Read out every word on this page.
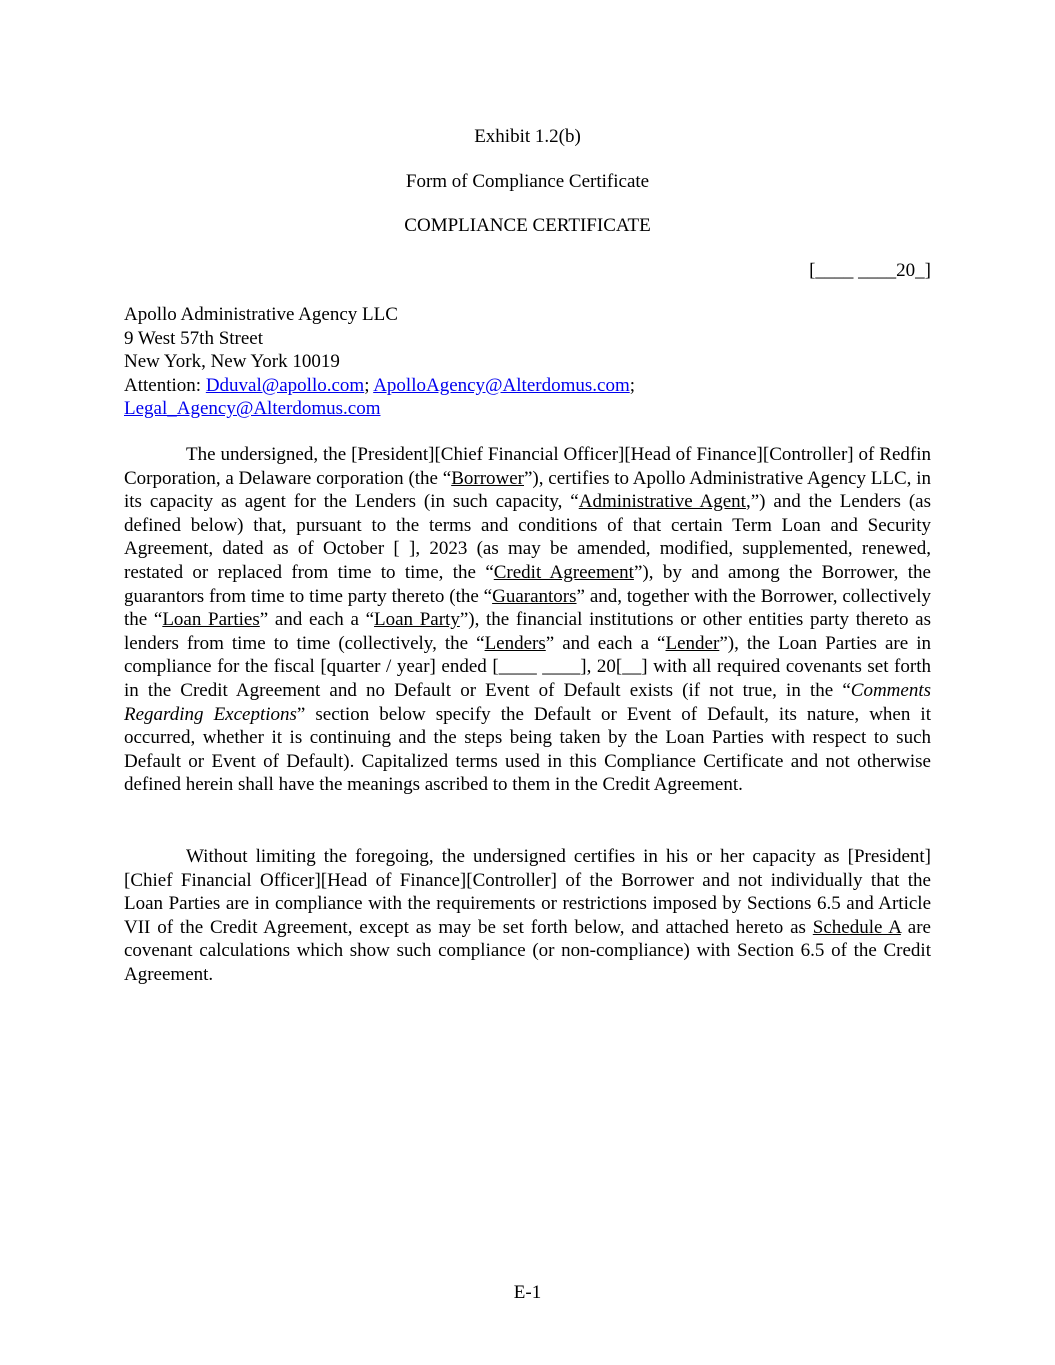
Exhibit 1.2(b)
Form of Compliance Certificate
COMPLIANCE CERTIFICATE
[____ ____20_]
Apollo Administrative Agency LLC
9 West 57th Street
New York, New York 10019
Attention: Dduval@apollo.com; ApolloAgency@Alterdomus.com;
Legal_Agency@Alterdomus.com

The undersigned, the [President][Chief Financial Officer][Head of Finance][Controller] of Redfin Corporation, a Delaware corporation (the “Borrower”), certifies to Apollo Administrative Agency LLC, in its capacity as agent for the Lenders (in such capacity, “Administrative Agent,”) and the Lenders (as defined below) that, pursuant to the terms and conditions of that certain Term Loan and Security Agreement, dated as of October [ ], 2023 (as may be amended, modified, supplemented, renewed, restated or replaced from time to time, the “Credit Agreement”), by and among the Borrower, the guarantors from time to time party thereto (the “Guarantors” and, together with the Borrower, collectively the “Loan Parties” and each a “Loan Party”), the financial institutions or other entities party thereto as lenders from time to time (collectively, the “Lenders” and each a “Lender”), the Loan Parties are in compliance for the fiscal [quarter / year] ended [____ ____], 20[__] with all required covenants set forth in the Credit Agreement and no Default or Event of Default exists (if not true, in the “Comments Regarding Exceptions” section below specify the Default or Event of Default, its nature, when it occurred, whether it is continuing and the steps being taken by the Loan Parties with respect to such Default or Event of Default). Capitalized terms used in this Compliance Certificate and not otherwise defined herein shall have the meanings ascribed to them in the Credit Agreement.

Without limiting the foregoing, the undersigned certifies in his or her capacity as [President][Chief Financial Officer][Head of Finance][Controller] of the Borrower and not individually that the Loan Parties are in compliance with the requirements or restrictions imposed by Sections 6.5 and Article VII of the Credit Agreement, except as may be set forth below, and attached hereto as Schedule A are covenant calculations which show such compliance (or non-compliance) with Section 6.5 of the Credit Agreement.

E-1
